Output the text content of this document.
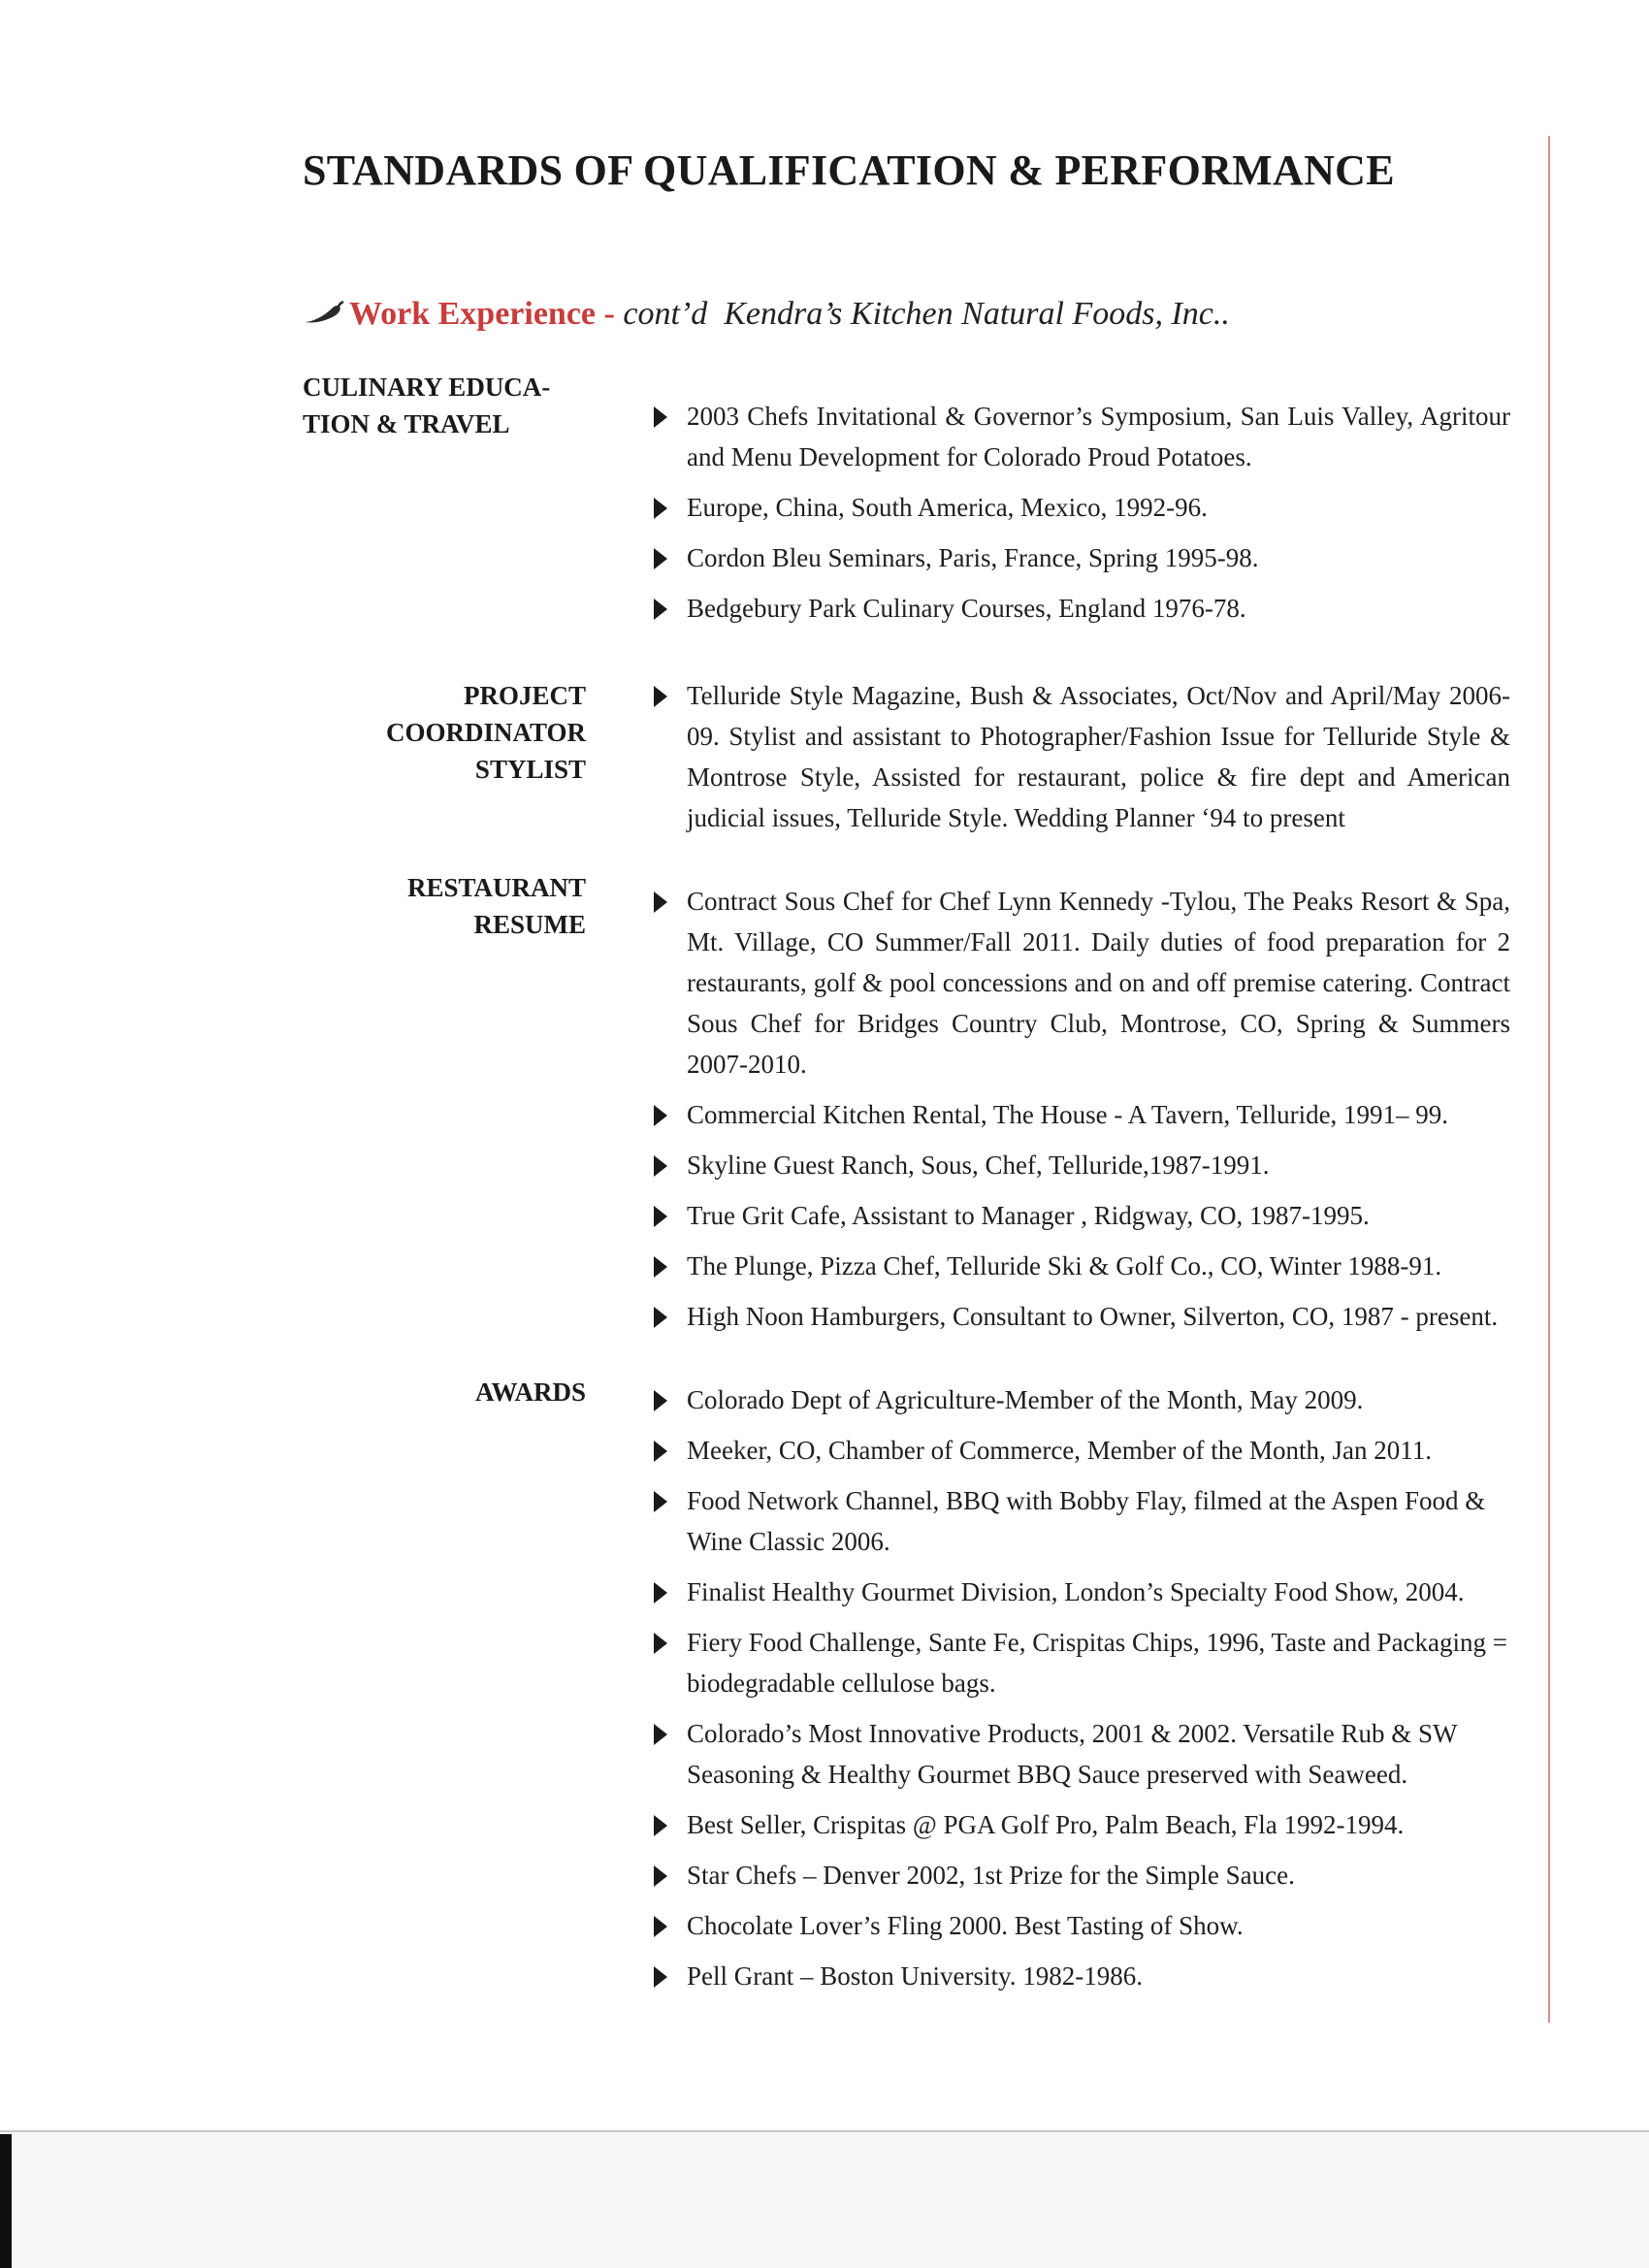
STANDARDS OF QUALIFICATION & PERFORMANCE
Work Experience - cont’d  Kendra’s Kitchen Natural Foods, Inc..
CULINARY EDUCA-
TION & TRAVEL	2003 Chefs Invitational & Governor’s Symposium, San Luis Valley, Agritour and Menu Development for Colorado Proud Potatoes.
Europe, China, South America, Mexico, 1992-96.
Cordon Bleu Seminars, Paris, France, Spring 1995-98.
Bedgebury Park Culinary Courses, England 1976-78.
PROJECT
COORDINATOR
STYLIST
Telluride Style Magazine, Bush & Associates, Oct/Nov and April/May 2006-09. Stylist and assistant to Photographer/Fashion Issue for Telluride Style & Montrose Style, Assisted for restaurant, police & fire dept and American judicial issues, Telluride Style. Wedding Planner ‘94 to present
RESTAURANT
RESUME
Contract Sous Chef for Chef Lynn Kennedy -Tylou, The Peaks Resort & Spa, Mt. Village, CO Summer/Fall 2011. Daily duties of food preparation for 2 restaurants, golf & pool concessions and on and off premise catering. Contract Sous Chef for Bridges Country Club, Montrose, CO, Spring & Summers 2007-2010.
Commercial Kitchen Rental, The House - A Tavern, Telluride, 1991– 99.
Skyline Guest Ranch, Sous, Chef, Telluride,1987-1991.
True Grit Cafe, Assistant to Manager , Ridgway, CO, 1987-1995.
The Plunge, Pizza Chef, Telluride Ski & Golf Co., CO, Winter 1988-91.
High Noon Hamburgers, Consultant to Owner, Silverton, CO, 1987 - present.
AWARDS	Colorado Dept of Agriculture-Member of the Month, May 2009.
Meeker, CO, Chamber of Commerce, Member of the Month, Jan 2011.
Food Network Channel, BBQ with Bobby Flay, filmed at the Aspen Food & Wine Classic 2006.
Finalist Healthy Gourmet Division, London’s Specialty Food Show, 2004.
Fiery Food Challenge, Sante Fe, Crispitas Chips, 1996, Taste and Packaging = biodegradable cellulose bags.
Colorado’s Most Innovative Products, 2001 & 2002. Versatile Rub & SW Seasoning & Healthy Gourmet BBQ Sauce preserved with Seaweed.
Best Seller, Crispitas @ PGA Golf Pro, Palm Beach, Fla 1992-1994.
Star Chefs – Denver 2002, 1st Prize for the Simple Sauce.
Chocolate Lover’s Fling 2000. Best Tasting of Show.
Pell Grant – Boston University. 1982-1986.
